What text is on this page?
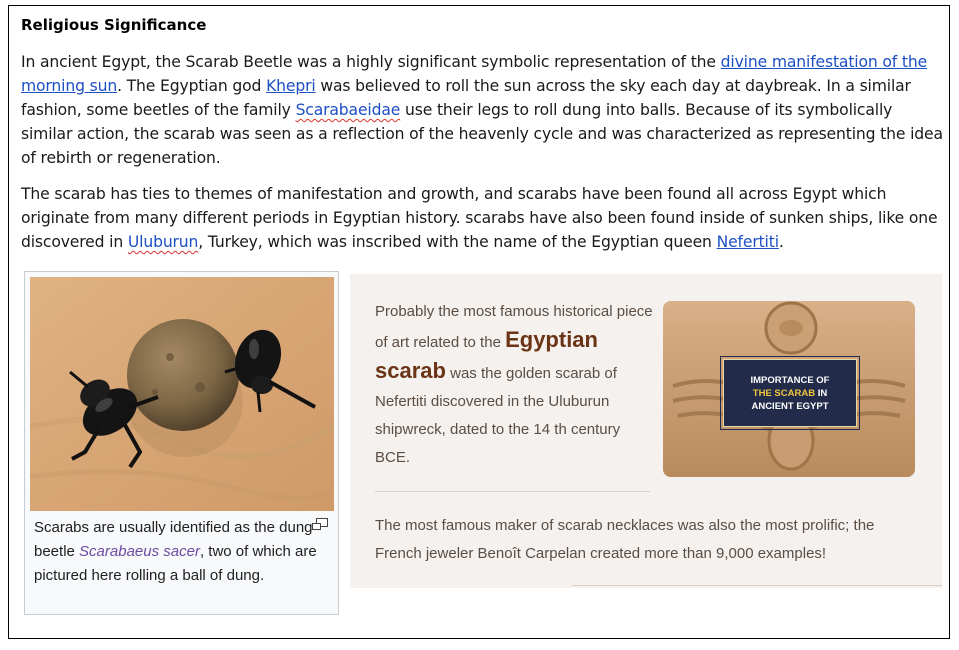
Religious Significance
In ancient Egypt, the Scarab Beetle was a highly significant symbolic representation of the divine manifestation of the morning sun. The Egyptian god Khepri was believed to roll the sun across the sky each day at daybreak. In a similar fashion, some beetles of the family Scarabaeidae use their legs to roll dung into balls. Because of its symbolically similar action, the scarab was seen as a reflection of the heavenly cycle and was characterized as representing the idea of rebirth or regeneration.
The scarab has ties to themes of manifestation and growth, and scarabs have been found all across Egypt which originate from many different periods in Egyptian history. scarabs have also been found inside of sunken ships, like one discovered in Uluburun, Turkey, which was inscribed with the name of the Egyptian queen Nefertiti.
Scarabs are usually identified as the dung beetle Scarabaeus sacer, two of which are pictured here rolling a ball of dung.
Probably the most famous historical piece of art related to the Egyptian scarab was the golden scarab of Nefertiti discovered in the Uluburun shipwreck, dated to the 14 th century BCE.
IMPORTANCE OF
THE SCARAB IN
ANCIENT EGYPT
The most famous maker of scarab necklaces was also the most prolific; the French jeweler Benoît Carpelan created more than 9,000 examples!
